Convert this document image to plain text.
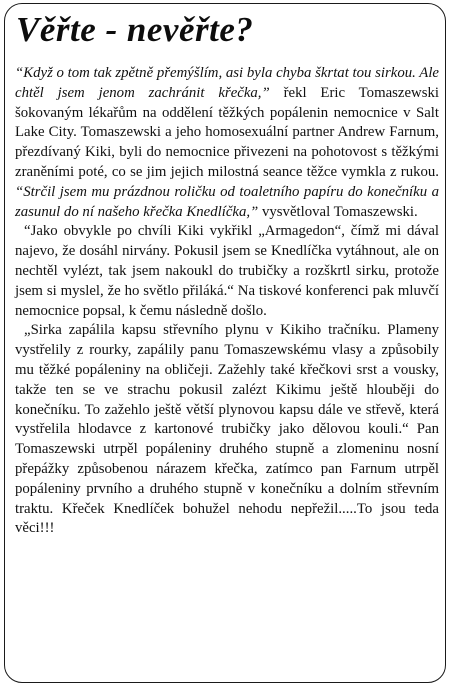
Věřte - nevěřte?

“Když o tom tak zpětně přemýšlím, asi byla chyba škrtat tou sirkou. Ale chtěl jsem jenom zachránit křečka,” řekl Eric Tomaszewski šokovaným lékařům na oddělení těžkých popálenin nemocnice v Salt Lake City. Tomaszewski a jeho homosexuální partner Andrew Farnum, přezdívaný Kiki, byli do nemocnice přivezeni na pohotovost s těžkými zraněními poté, co se jim jejich milostná seance těžce vymkla z rukou. “Strčil jsem mu prázdnou roličku od toaletního papíru do konečníku a zasunul do ní našeho křečka Knedlíčka,” vysvětloval Tomaszewski.

“Jako obvykle po chvíli Kiki vykřikl „Armagedon“, čímž mi dával najevo, že dosáhl nirvány. Pokusil jsem se Knedlíčka vytáhnout, ale on nechtěl vylézt, tak jsem nakoukl do trubičky a rozškrtl sirku, protože jsem si myslel, že ho světlo přiláká.“ Na tiskové konferenci pak mluvčí nemocnice popsal, k čemu následně došlo.

„Sirka zapálila kapsu střevního plynu v Kikiho tračníku. Plameny vystřelily z rourky, zapálily panu Tomaszewskému vlasy a způsobily mu těžké popáleniny na obličeji. Zažehly také křečkovi srst a vousky, takže ten se ve strachu pokusil zalézt Kikimu ještě hlouběji do konečníku. To zažehlo ještě větší plynovou kapsu dále ve střevě, která vystřelila hlodavce z kartonové trubičky jako dělovou kouli.“ Pan Tomaszewski utrpěl popáleniny druhého stupně a zlomeninu nosní přepážky způsobenou nárazem křečka, zatímco pan Farnum utrpěl popáleniny prvního a druhého stupně v konečníku a dolním střevním traktu. Křeček Knedlíček bohužel nehodu nepřežil.....To jsou teda věci!!!
